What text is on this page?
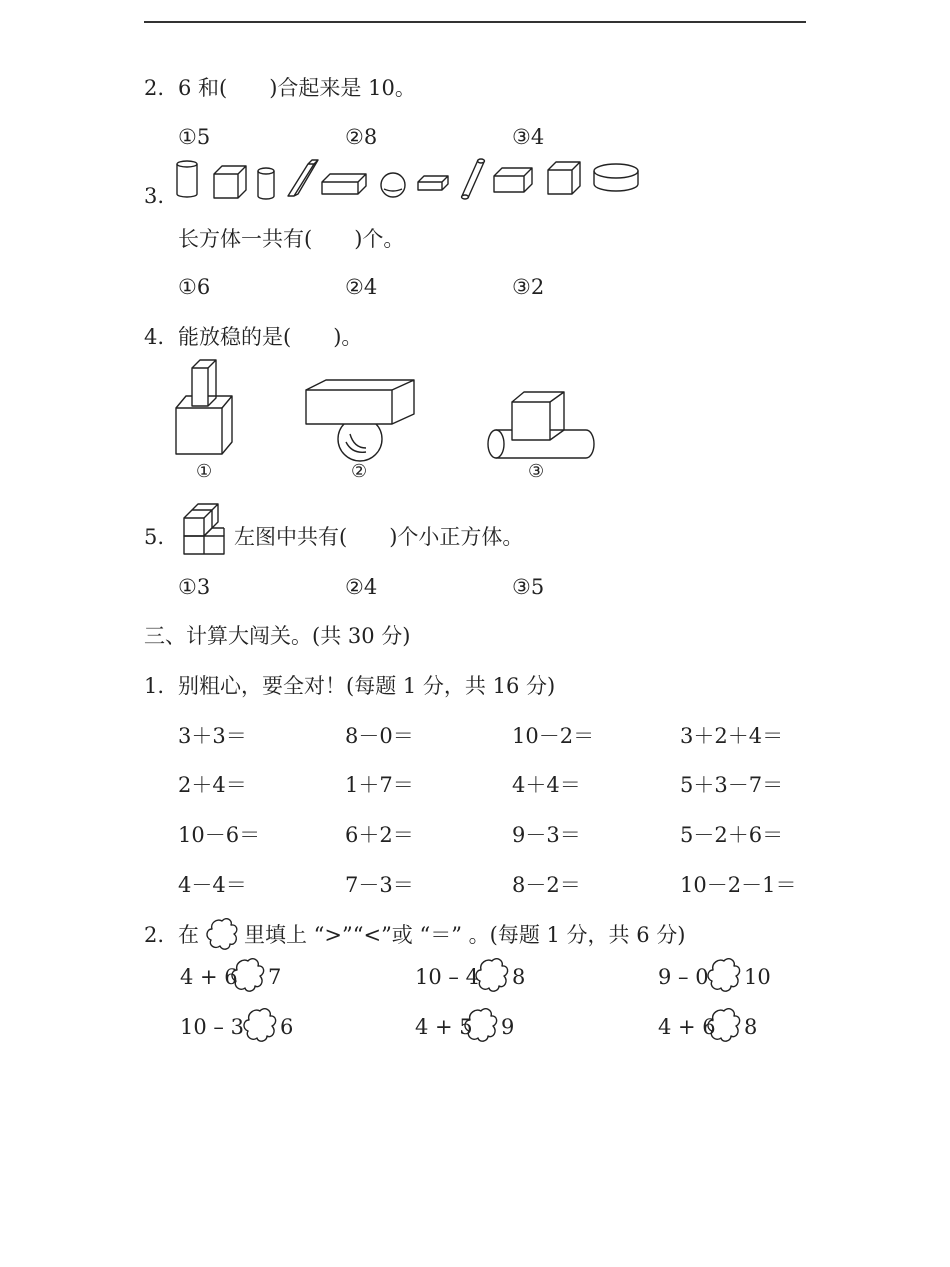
2. 6 和(　　)合起来是 10。
①5	②8	③4
3.
长方体一共有(　　)个。
①6	②4	③2
4. 能放稳的是(　　)。
①	②	③
5.	左图中共有(　　)个小正方体。
①3	②4	③5
三、计算大闯关。(共 30 分)
1. 别粗心，要全对！(每题 1 分，共 16 分)
3＋3＝	8－0＝	10－2＝	3＋2＋4＝
2＋4＝	1＋7＝	4＋4＝	5＋3－7＝
10－6＝	6＋2＝	9－3＝	5－2＋6＝
4－4＝	7－3＝	8－2＝	10－2－1＝
2. 在 里填上 “>”“<”或 “＝” 。(每题 1 分，共 6 分)
4 + 6 7	10 – 4 8	9 – 0 10
10 – 3 6	4 + 5 9	4 + 6 8
